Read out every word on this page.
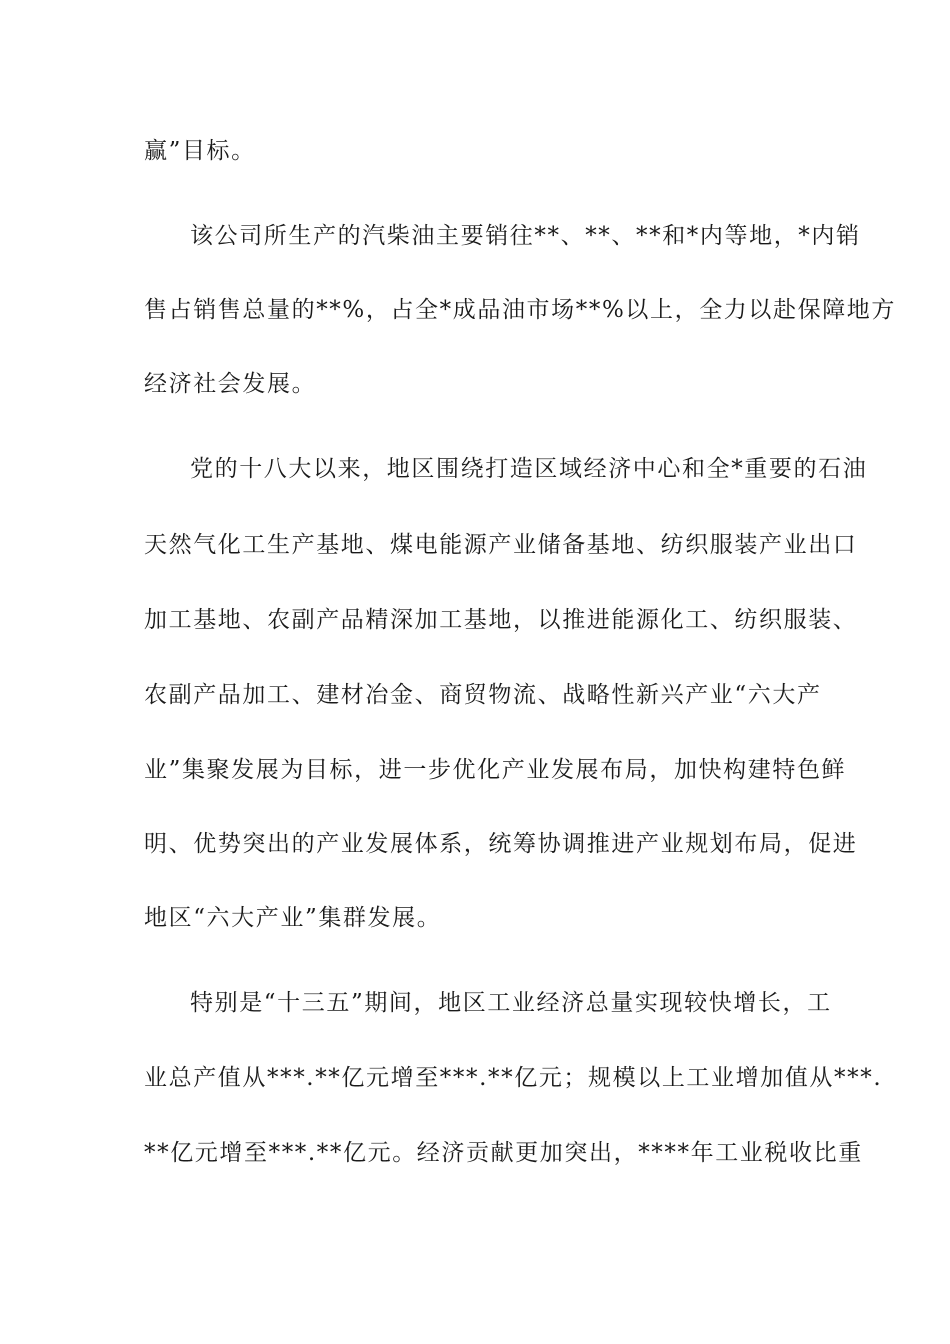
赢”目标。
该公司所生产的汽柴油主要销往**、**、**和*内等地，*内销
售占销售总量的**%，占全*成品油市场**%以上，全力以赴保障地方
经济社会发展。
党的十八大以来，地区围绕打造区域经济中心和全*重要的石油
天然气化工生产基地、煤电能源产业储备基地、纺织服装产业出口
加工基地、农副产品精深加工基地，以推进能源化工、纺织服装、
农副产品加工、建材冶金、商贸物流、战略性新兴产业“六大产
业”集聚发展为目标，进一步优化产业发展布局，加快构建特色鲜
明、优势突出的产业发展体系，统筹协调推进产业规划布局，促进
地区“六大产业”集群发展。
特别是“十三五”期间，地区工业经济总量实现较快增长，工
业总产值从***.**亿元增至***.**亿元；规模以上工业增加值从***.
**亿元增至***.**亿元。经济贡献更加突出，****年工业税收比重
